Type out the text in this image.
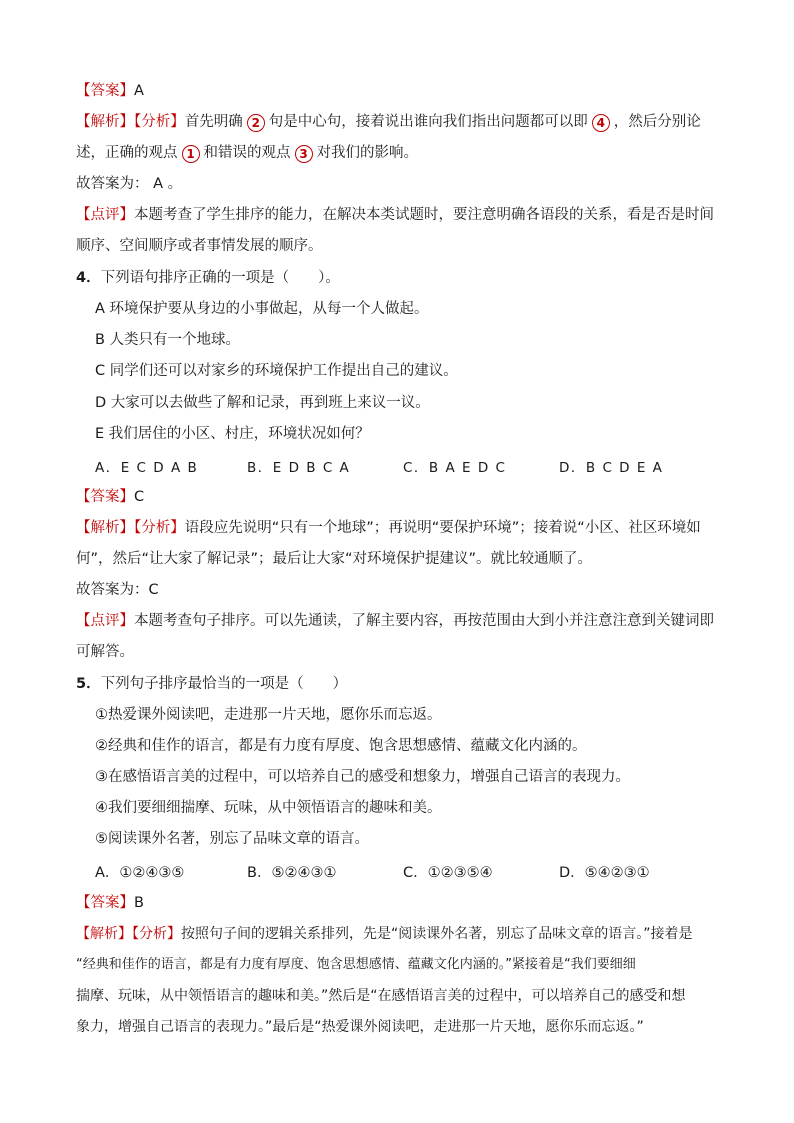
【答案】A
【解析】【分析】首先明确 2 句是中心句，接着说出谁向我们指出问题都可以即 4 ，然后分别论
述，正确的观点 1 和错误的观点 3 对我们的影响。
故答案为： A 。
【点评】本题考查了学生排序的能力，在解决本类试题时，要注意明确各语段的关系，看是否是时间
顺序、空间顺序或者事情发展的顺序。
4．下列语句排序正确的一项是（　　）。
A 环境保护要从身边的小事做起，从每一个人做起。
B 人类只有一个地球。
C 同学们还可以对家乡的环境保护工作提出自己的建议。
D 大家可以去做些了解和记录，再到班上来议一议。
E 我们居住的小区、村庄，环境状况如何？
A．E C D A B	B．E D B C A	C．B A E D C	D．B C D E A
【答案】C
【解析】【分析】语段应先说明“只有一个地球”；再说明“要保护环境”；接着说“小区、社区环境如
何”，然后“让大家了解记录”；最后让大家“对环境保护提建议”。就比较通顺了。
故答案为：C
【点评】本题考查句子排序。可以先通读，了解主要内容，再按范围由大到小并注意注意到关键词即
可解答。
5．下列句子排序最恰当的一项是（　　）
①热爱课外阅读吧，走进那一片天地，愿你乐而忘返。
②经典和佳作的语言，都是有力度有厚度、饱含思想感情、蕴藏文化内涵的。
③在感悟语言美的过程中，可以培养自己的感受和想象力，增强自己语言的表现力。
④我们要细细揣摩、玩味，从中领悟语言的趣味和美。
⑤阅读课外名著，别忘了品味文章的语言。
A．①②④③⑤	B．⑤②④③①	C．①②③⑤④	D．⑤④②③①
【答案】B
【解析】【分析】按照句子间的逻辑关系排列，先是“阅读课外名著，别忘了品味文章的语言。”接着是
“经典和佳作的语言，都是有力度有厚度、饱含思想感情、蕴藏文化内涵的。”紧接着是“我们要细细
揣摩、玩味，从中领悟语言的趣味和美。”然后是“在感悟语言美的过程中，可以培养自己的感受和想
象力，增强自己语言的表现力。”最后是“热爱课外阅读吧，走进那一片天地，愿你乐而忘返。”
